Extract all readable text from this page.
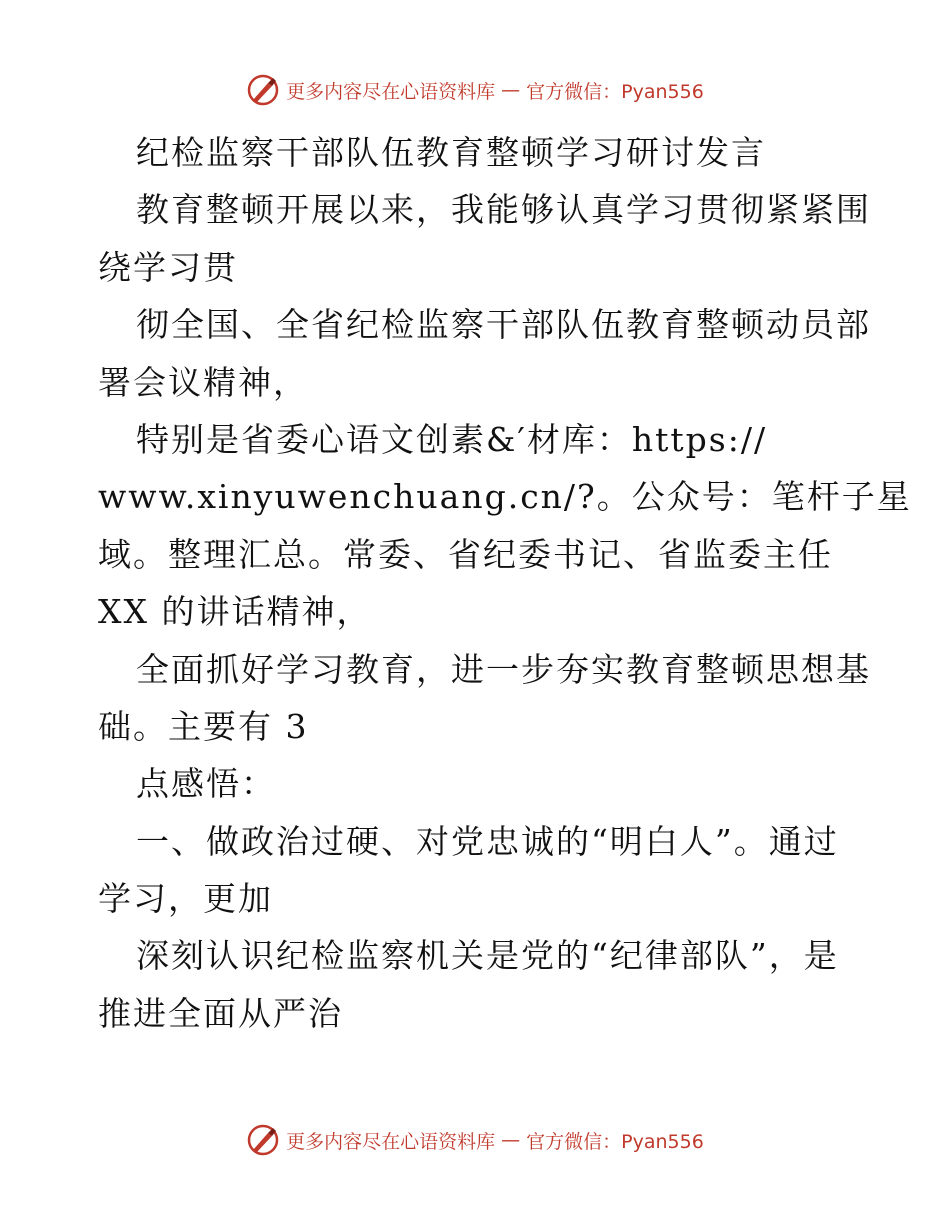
更多内容尽在心语资料库 — 官方微信：Pyan556
纪检监察干部队伍教育整顿学习研讨发言
教育整顿开展以来，我能够认真学习贯彻紧紧围
绕学习贯
彻全国、全省纪检监察干部队伍教育整顿动员部
署会议精神，
特别是省委心语文创素&′材库：https://
www.xinyuwenchuang.cn/?。公众号：笔杆子星
域。整理汇总。常委、省纪委书记、省监委主任
XX 的讲话精神，
全面抓好学习教育，进一步夯实教育整顿思想基
础。主要有 3
点感悟：
一、做政治过硬、对党忠诚的“明白人”。通过
学习，更加
深刻认识纪检监察机关是党的“纪律部队”，是
推进全面从严治
更多内容尽在心语资料库 — 官方微信：Pyan556
